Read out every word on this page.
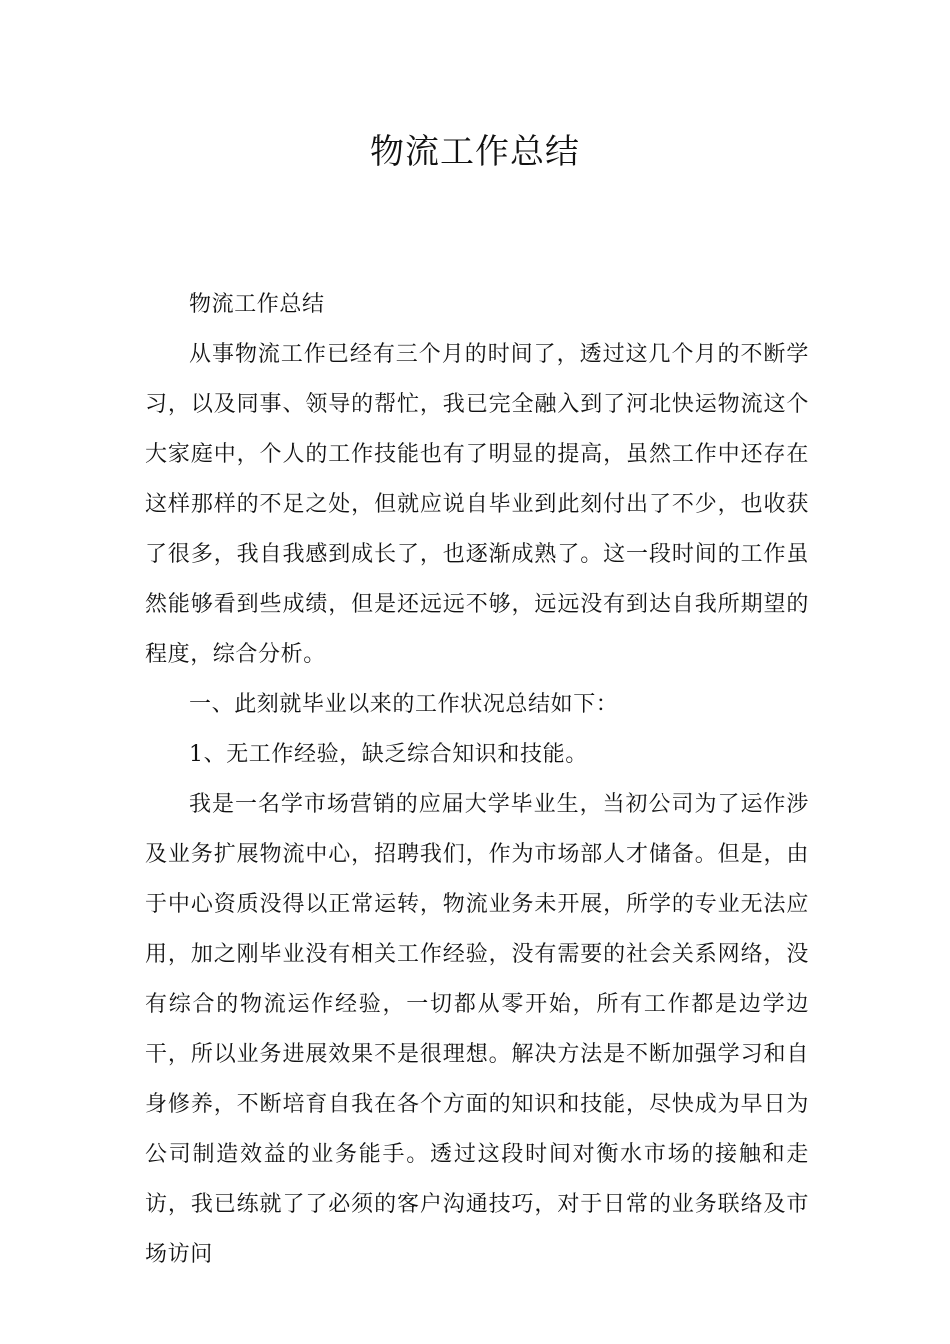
物流工作总结

物流工作总结

从事物流工作已经有三个月的时间了，透过这几个月的不断学习，以及同事、领导的帮忙，我已完全融入到了河北快运物流这个大家庭中，个人的工作技能也有了明显的提高，虽然工作中还存在这样那样的不足之处，但就应说自毕业到此刻付出了不少，也收获了很多，我自我感到成长了，也逐渐成熟了。这一段时间的工作虽然能够看到些成绩，但是还远远不够，远远没有到达自我所期望的程度，综合分析。

一、此刻就毕业以来的工作状况总结如下：

1、无工作经验，缺乏综合知识和技能。

我是一名学市场营销的应届大学毕业生，当初公司为了运作涉及业务扩展物流中心，招聘我们，作为市场部人才储备。但是，由于中心资质没得以正常运转，物流业务未开展，所学的专业无法应用，加之刚毕业没有相关工作经验，没有需要的社会关系网络，没有综合的物流运作经验，一切都从零开始，所有工作都是边学边干，所以业务进展效果不是很理想。解决方法是不断加强学习和自身修养，不断培育自我在各个方面的知识和技能，尽快成为早日为公司制造效益的业务能手。透过这段时间对衡水市场的接触和走访，我已练就了了必须的客户沟通技巧，对于日常的业务联络及市场访问
